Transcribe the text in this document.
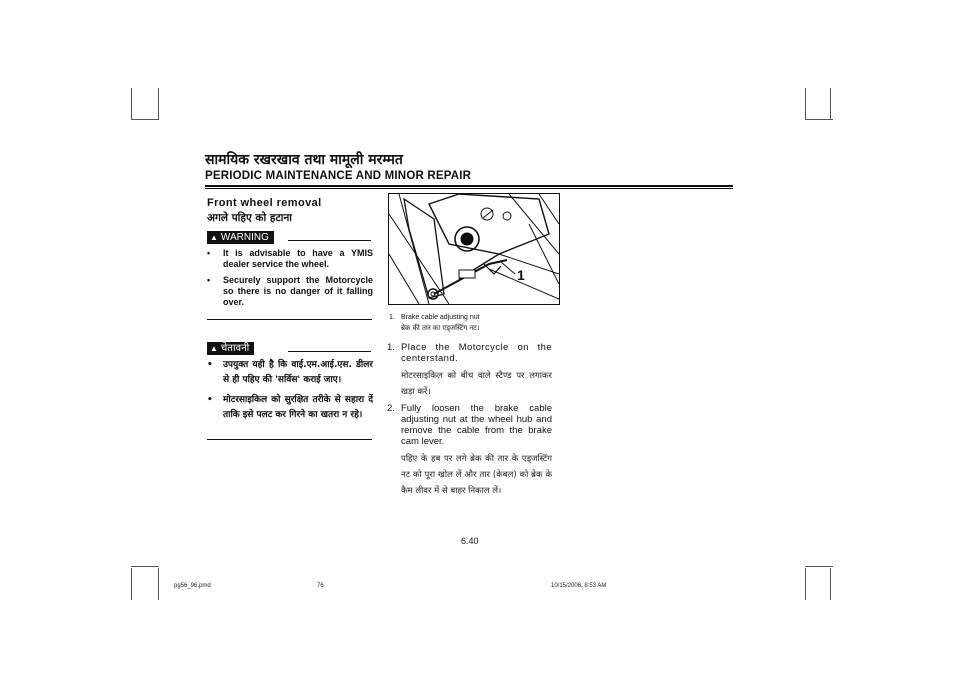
सामयिक रखरखाव तथा मामूली मरम्मत
PERIODIC MAINTENANCE AND MINOR REPAIR
Front wheel removal
अगले पहिए को हटाना
▲ WARNING
• It is advisable to have a YMIS dealer service the wheel.
• Securely support the Motorcycle so there is no danger of it falling over.
▲ चेतावनी
• उपयुक्त यही है कि वाई.एम.आई.एस. डीलर से ही पहिए की 'सर्विस' कराई जाए।
• मोटरसाइकिल को सुरक्षित तरीके से सहारा दें ताकि इसे पलट कर गिरने का खतरा न रहे।
1
1. Brake cable adjusting nut
ब्रेक की तार का एड्जस्टिंग नट।
1. Place the Motorcycle on the centerstand.
मोटरसाइकिल को बीच वाले स्टैण्ड पर लगाकर खड़ा करें।
2. Fully loosen the brake cable adjusting nut at the wheel hub and remove the cable from the brake cam lever.
पहिए के हब पर लगे ब्रेक की तार के एड्जस्टिंग नट को पूरा खोल लें और तार (केबल) को ब्रेक के कैम लीवर में से बाहर निकाल लें।
6.40
pg56_96.pmd	76	10/15/2006, 8:53 AM
